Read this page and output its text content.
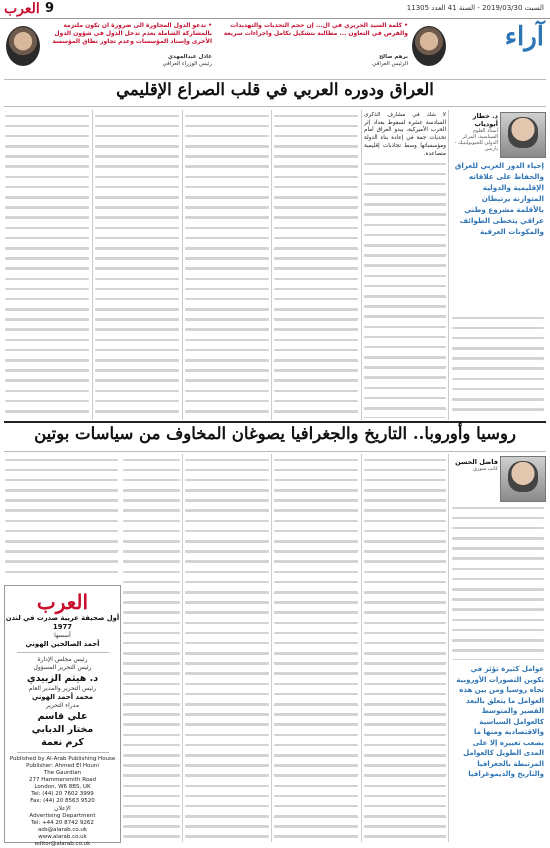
العرب 9	السبت 2019/03/30 - السنة 41 العدد 11305
آراء
• ندعو الدول المجاورة الى ضرورة ان تكون ملتزمة بالمشاركة الشاملة بعدم تدخل الدول في شؤون الدول الأخرى وإسناد المؤسسات وعدم تجاوز نطاق المؤسسة
عادل عبدالمهدي
رئيس الوزراء العراقي
• كلمة السيد الحريري في ال... إن حجم التحديات والتهديدات والفرص في التعاون ... مطالبة بتشكيل تكامل واجراءات سريعة
برهم صالح
الرئيس العراقي
العراق ودوره العربي في قلب الصراع الإقليمي
د. خطار أبودياب
أستاذ العلوم السياسية، المركز الدولي للجيوبوليتيك - باريس
إحياء الدور العربي للعراق والحفاظ على علاقاته الإقليمية والدولية المتوازنة يرتبطان بالأقلمة مشروع وطني عراقي يتخطى الطوائف والمكونات العرقية

لا شك في مشارف الذكرى السادسة عشرة لسقوط بغداد إثر الحرب الأميركية، يبدو العراق أمام تحديات جمة في إعادة بناء الدولة ومؤسساتها وسط تجاذبات إقليمية متصاعدة.

روسيا وأوروبا.. التاريخ والجغرافيا يصوغان المخاوف من سياسات بوتين
فاضل الحسن
كاتب سوري
عوامل كثيرة تؤثر في تكوين التصورات الأوروبية تجاه روسيا ومن بين هذه العوامل ما يتعلق بالبعد القصير والمتوسط كالعوامل السياسية والاقتصادية ومنها ما يصعب تغييره إلا على المدى الطويل كالعوامل المرتبطة بالجغرافيا والتاريخ والديموغرافيا
العرب
أول صحيفة عربية صدرت في لندن 1977
أسسها
أحمد الصالحين الهوني
رئيس مجلس الإدارة
رئيس التحرير المسؤول
د. هيثم الزبيدي
رئيس التحرير والمدير العام
محمد أحمد الهوني
مدراء التحرير
علي قاسم
مختار الدبابي
كرم نعمة
Published by Al-Arab Publishing House
Publisher: Ahmed El Houni
The Gaurdian
277 Hammersmith Road
London, W6 8BS, UK
Tel: (44) 20 7602 3999
Fax: (44) 20 8563 9520
الإعلان
Advertising Department
Tel: +44 20 8742 9262
ads@alarab.co.uk
www.alarab.co.uk
editor@alarab.co.uk
